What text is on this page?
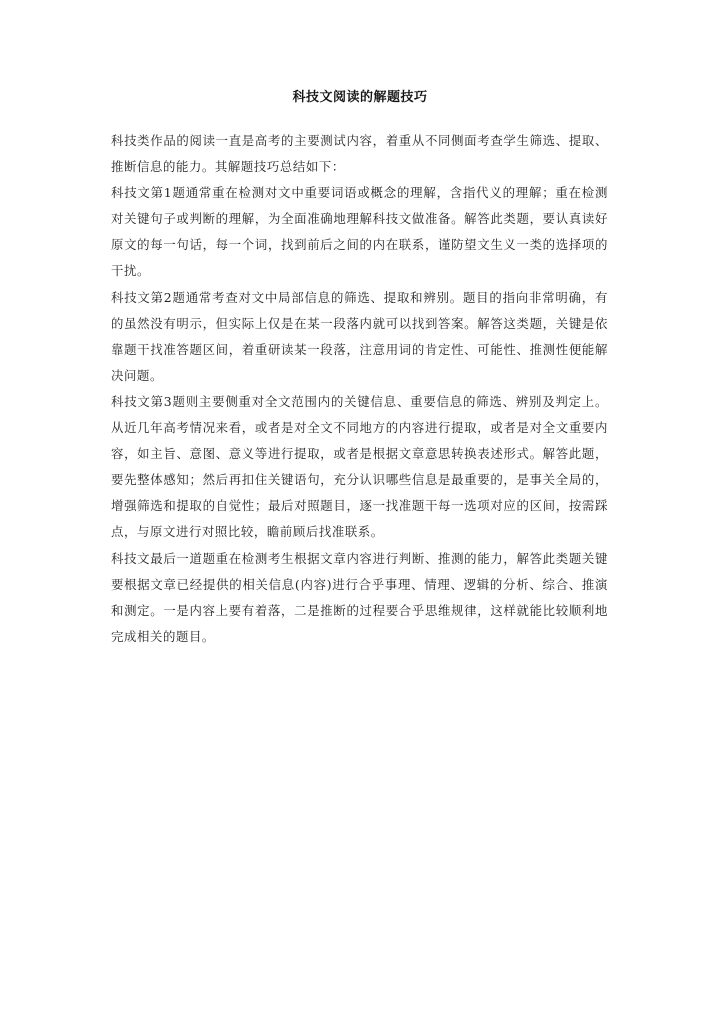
科技文阅读的解题技巧

科技类作品的阅读一直是高考的主要测试内容，着重从不同侧面考查学生筛选、提取、推断信息的能力。其解题技巧总结如下：

科技文第1题通常重在检测对文中重要词语或概念的理解，含指代义的理解；重在检测对关键句子或判断的理解，为全面准确地理解科技文做准备。解答此类题，要认真读好原文的每一句话，每一个词，找到前后之间的内在联系，谨防望文生义一类的选择项的干扰。

科技文第2题通常考查对文中局部信息的筛选、提取和辨别。题目的指向非常明确，有的虽然没有明示，但实际上仅是在某一段落内就可以找到答案。解答这类题，关键是依靠题干找准答题区间，着重研读某一段落，注意用词的肯定性、可能性、推测性便能解决问题。

科技文第3题则主要侧重对全文范围内的关键信息、重要信息的筛选、辨别及判定上。从近几年高考情况来看，或者是对全文不同地方的内容进行提取，或者是对全文重要内容，如主旨、意图、意义等进行提取，或者是根据文章意思转换表述形式。解答此题，要先整体感知；然后再扣住关键语句，充分认识哪些信息是最重要的，是事关全局的，增强筛选和提取的自觉性；最后对照题目，逐一找准题干每一选项对应的区间，按需踩点，与原文进行对照比较，瞻前顾后找准联系。

科技文最后一道题重在检测考生根据文章内容进行判断、推测的能力，解答此类题关键要根据文章已经提供的相关信息(内容)进行合乎事理、情理、逻辑的分析、综合、推演和测定。一是内容上要有着落，二是推断的过程要合乎思维规律，这样就能比较顺利地完成相关的题目。
